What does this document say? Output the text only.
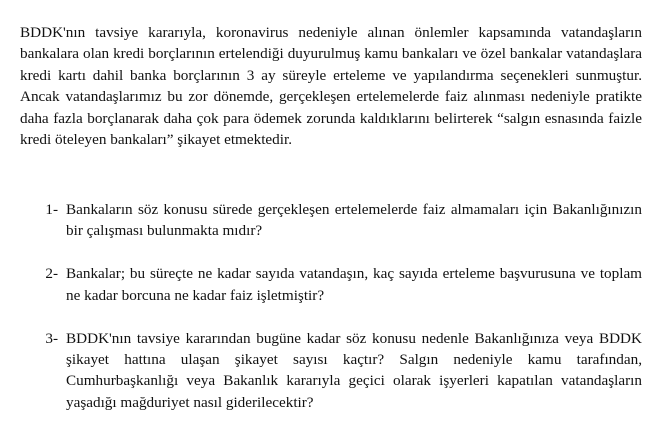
BDDK'nın tavsiye kararıyla, koronavirus nedeniyle alınan önlemler kapsamında vatandaşların bankalara olan kredi borçlarının ertelendiği duyurulmuş kamu bankaları ve özel bankalar vatandaşlara kredi kartı dahil banka borçlarının 3 ay süreyle erteleme ve yapılandırma seçenekleri sunmuştur. Ancak vatandaşlarımız bu zor dönemde, gerçekleşen ertelemelerde faiz alınması nedeniyle pratikte daha fazla borçlanarak daha çok para ödemek zorunda kaldıklarını belirterek “salgın esnasında faizle kredi öteleyen bankaları” şikayet etmektedir.

1- Bankaların söz konusu sürede gerçekleşen ertelemelerde faiz almamaları için Bakanlığınızın bir çalışması bulunmakta mıdır?
2- Bankalar; bu süreçte ne kadar sayıda vatandaşın, kaç sayıda erteleme başvurusuna ve toplam ne kadar borcuna ne kadar faiz işletmiştir?
3- BDDK'nın tavsiye kararından bugüne kadar söz konusu nedenle Bakanlığınıza veya BDDK şikayet hattına ulaşan şikayet sayısı kaçtır? Salgın nedeniyle kamu tarafından, Cumhurbaşkanlığı veya Bakanlık kararıyla geçici olarak işyerleri kapatılan vatandaşların yaşadığı mağduriyet nasıl giderilecektir?
